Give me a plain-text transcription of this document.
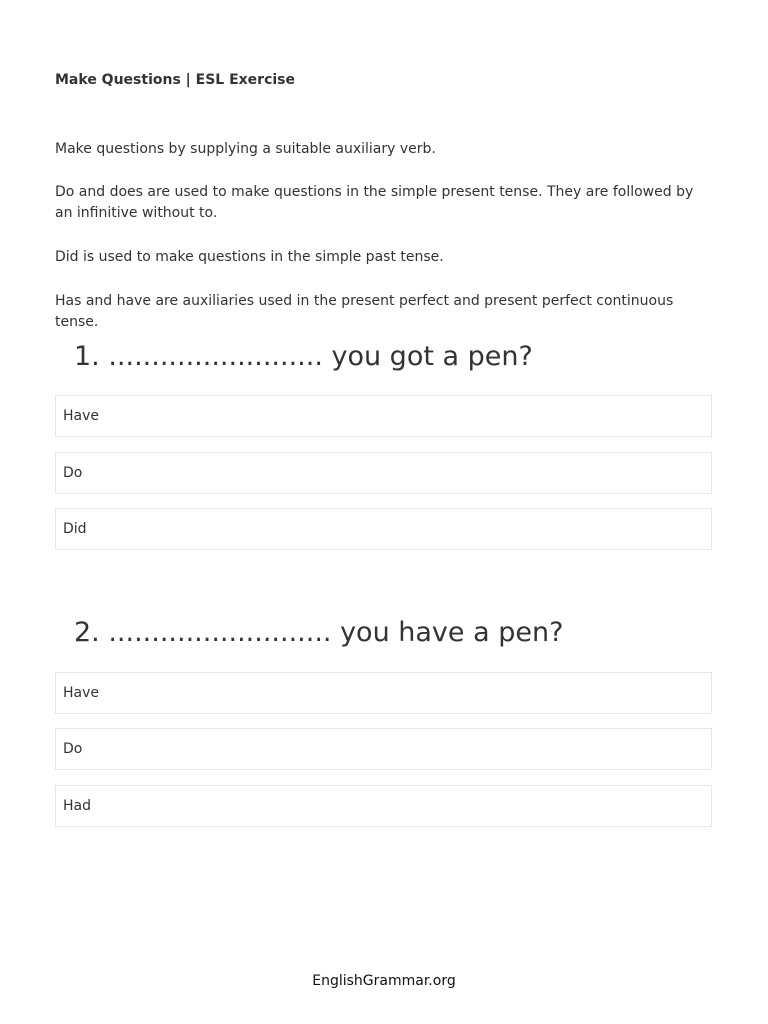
Make Questions | ESL Exercise

Make questions by supplying a suitable auxiliary verb.

Do and does are used to make questions in the simple present tense. They are followed by an infinitive without to.

Did is used to make questions in the simple past tense.

Has and have are auxiliaries used in the present perfect and present perfect continuous tense.

1. ......................... you got a pen?
Have
Do
Did
2. .......................... you have a pen?
Have
Do
Had
EnglishGrammar.org
